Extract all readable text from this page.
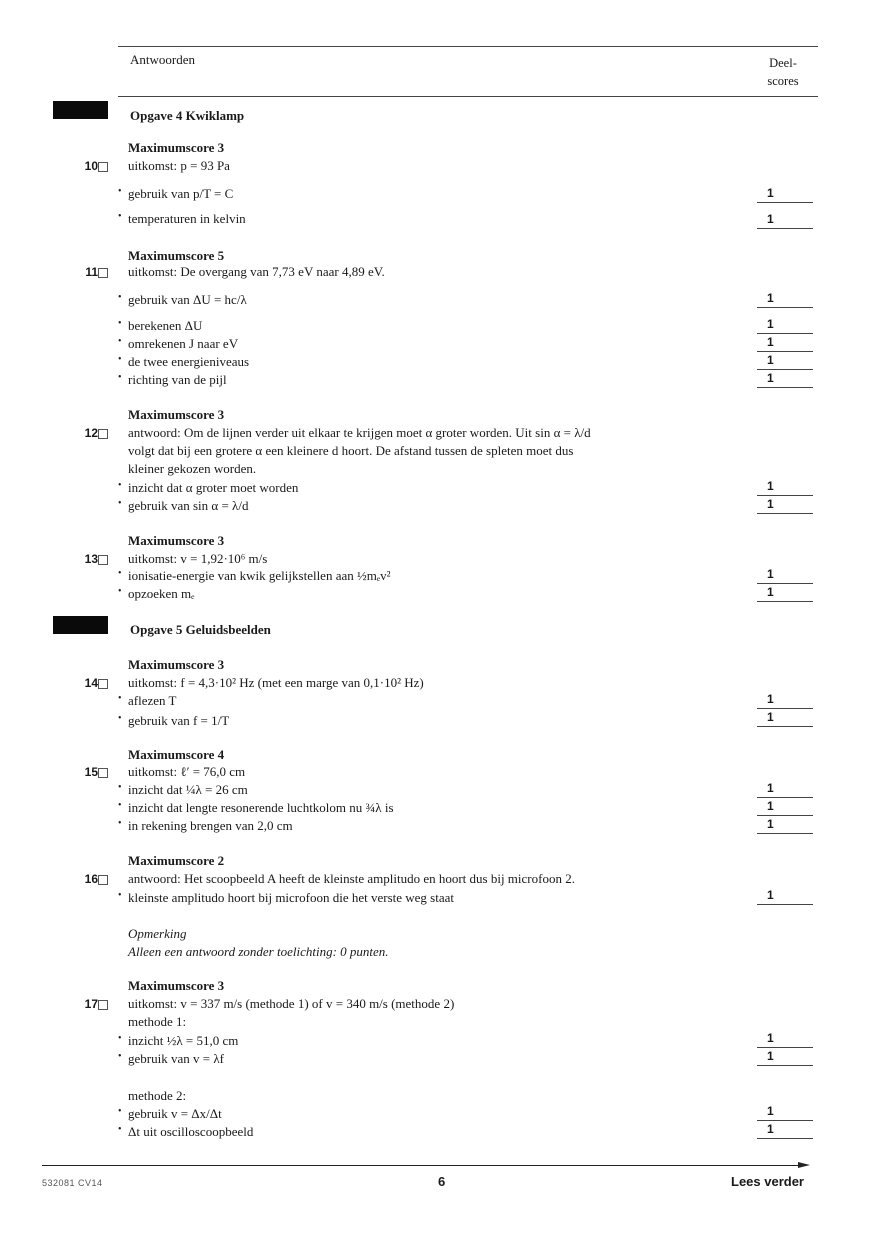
Antwoorden	Deel-
scores
Opgave 4 Kwiklamp
Maximumscore 3
10 uitkomst: p = 93 Pa
gebruik van p/T = C	1
temperaturen in kelvin	1
Maximumscore 5
11 uitkomst: De overgang van 7,73 eV naar 4,89 eV.
gebruik van ΔU = hc/λ	1
berekenen ΔU	1
omrekenen J naar eV	1
de twee energieniveaus	1
richting van de pijl	1
Maximumscore 3
12 antwoord: Om de lijnen verder uit elkaar te krijgen moet α groter worden. Uit sin α = λ/d
volgt dat bij een grotere α een kleinere d hoort. De afstand tussen de spleten moet dus
kleiner gekozen worden.
inzicht dat α groter moet worden	1
gebruik van sin α = λ/d	1
Maximumscore 3
13 uitkomst: v = 1,92·10⁶ m/s
ionisatie-energie van kwik gelijkstellen aan ½mₑv²	1
opzoeken mₑ	1
Opgave 5 Geluidsbeelden
Maximumscore 3
14 uitkomst: f = 4,3·10² Hz (met een marge van 0,1·10² Hz)
aflezen T	1
gebruik van f = 1/T	1
Maximumscore 4
15 uitkomst: ℓ′ = 76,0 cm
inzicht dat ¼λ = 26 cm	1
inzicht dat lengte resonerende luchtkolom nu ¾λ is	1
in rekening brengen van 2,0 cm	1
Maximumscore 2
16 antwoord: Het scoopbeeld A heeft de kleinste amplitudo en hoort dus bij microfoon 2.
kleinste amplitudo hoort bij microfoon die het verste weg staat	1
Opmerking
Alleen een antwoord zonder toelichting: 0 punten.
Maximumscore 3
17 uitkomst: v = 337 m/s (methode 1) of v = 340 m/s (methode 2)
methode 1:
inzicht ½λ = 51,0 cm	1
gebruik van v = λf	1
methode 2:
gebruik v = Δx/Δt	1
Δt uit oscilloscoopbeeld	1
532081 CV14	6	Lees verder
